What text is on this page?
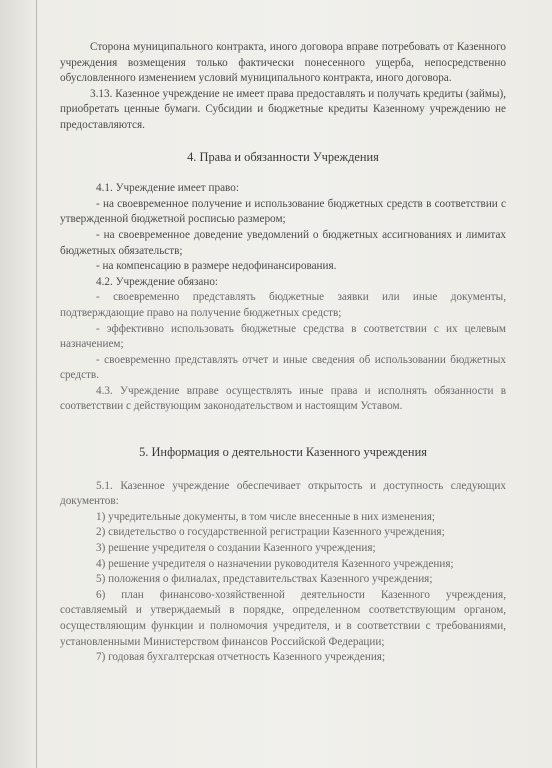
Сторона муниципального контракта, иного договора вправе потребовать от Казенного учреждения возмещения только фактически понесенного ущерба, непосредственно обусловленного изменением условий муниципального контракта, иного договора.

3.13. Казенное учреждение не имеет права предоставлять и получать кредиты (займы), приобретать ценные бумаги. Субсидии и бюджетные кредиты Казенному учреждению не предоставляются.

4. Права и обязанности Учреждения

4.1. Учреждение имеет право:

- на своевременное получение и использование бюджетных средств в соответствии с утвержденной бюджетной росписью размером;

- на своевременное доведение уведомлений о бюджетных ассигнованиях и лимитах бюджетных обязательств;

- на компенсацию в размере недофинансирования.

4.2. Учреждение обязано:

- своевременно представлять бюджетные заявки или иные документы, подтверждающие право на получение бюджетных средств;

- эффективно использовать бюджетные средства в соответствии с их целевым назначением;

- своевременно представлять отчет и иные сведения об использовании бюджетных средств.

4.3. Учреждение вправе осуществлять иные права и исполнять обязанности в соответствии с действующим законодательством и настоящим Уставом.

5. Информация о деятельности Казенного учреждения

5.1. Казенное учреждение обеспечивает открытость и доступность следующих документов:

1) учредительные документы, в том числе внесенные в них изменения;

2) свидетельство о государственной регистрации Казенного учреждения;

3) решение учредителя о создании Казенного учреждения;

4) решение учредителя о назначении руководителя Казенного учреждения;

5) положения о филиалах, представительствах Казенного учреждения;

6) план финансово-хозяйственной деятельности Казенного учреждения, составляемый и утверждаемый в порядке, определенном соответствующим органом, осуществляющим функции и полномочия учредителя, и в соответствии с требованиями, установленными Министерством финансов Российской Федерации;

7) годовая бухгалтерская отчетность Казенного учреждения;
